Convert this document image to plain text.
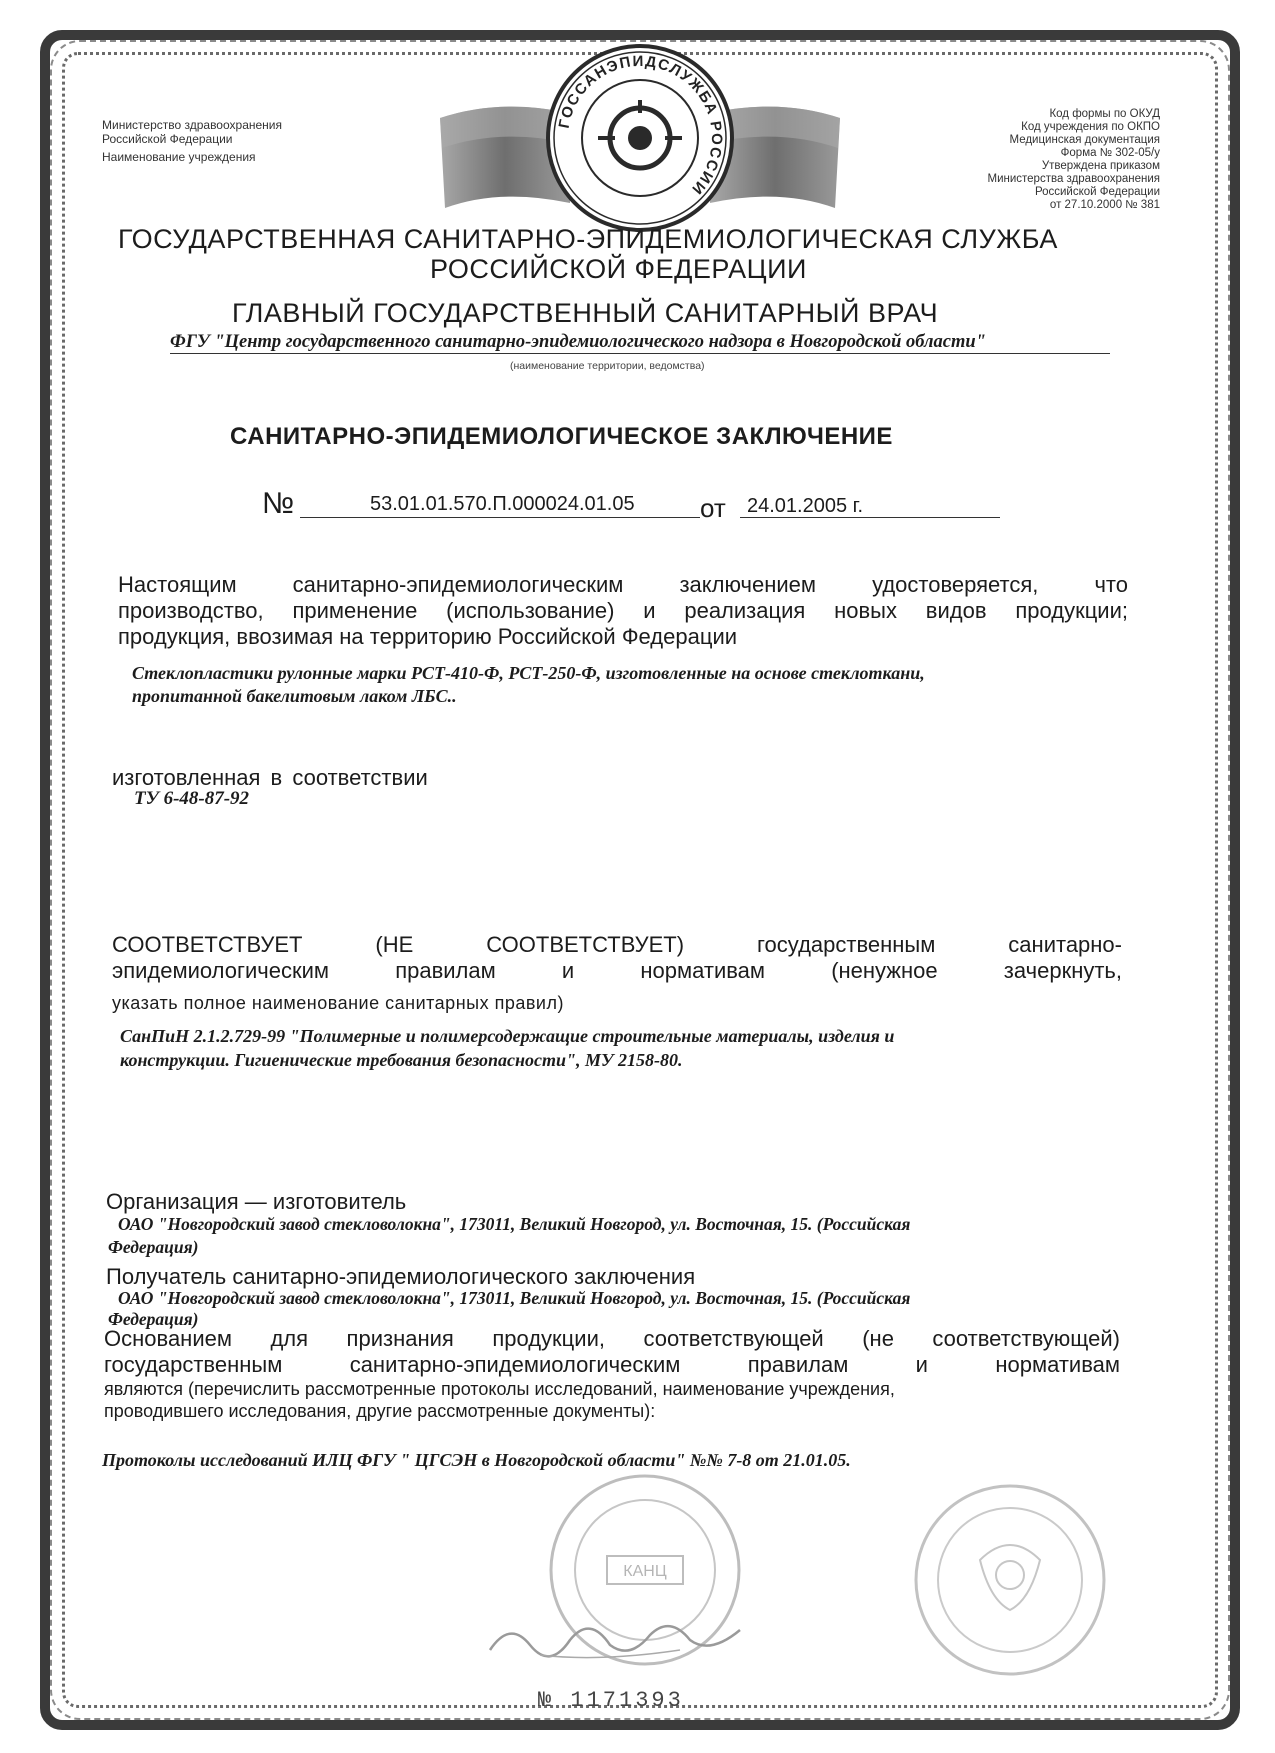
Министерство здравоохранения
Российской Федерации
Наименование учреждения
Код формы по ОКУД
Код учреждения по ОКПО
Медицинская документация
Форма № 302-05/у
Утверждена приказом
Министерства здравоохранения
Российской Федерации
от 27.10.2000 № 381
ГОССАНЭПИДСЛУЖБА РОССИИ
ГОСУДАРСТВЕННАЯ САНИТАРНО-ЭПИДЕМИОЛОГИЧЕСКАЯ СЛУЖБА
РОССИЙСКОЙ ФЕДЕРАЦИИ
ГЛАВНЫЙ ГОСУДАРСТВЕННЫЙ САНИТАРНЫЙ ВРАЧ
ФГУ "Центр государственного санитарно-эпидемиологического надзора в Новгородской области"
(наименование территории, ведомства)
САНИТАРНО-ЭПИДЕМИОЛОГИЧЕСКОЕ ЗАКЛЮЧЕНИЕ
№	53.01.01.570.П.000024.01.05	от 24.01.2005 г.
Настоящим санитарно-эпидемиологическим заключением удостоверяется, что
производство, применение (использование) и реализация новых видов продукции;
продукция, ввозимая на территорию Российской Федерации
Стеклопластики рулонные марки РСТ-410-Ф, РСТ-250-Ф, изготовленные на основе стеклоткани,
пропитанной бакелитовым лаком ЛБС..
изготовленная в соответствии
ТУ 6-48-87-92
СООТВЕТСТВУЕТ (НЕ СООТВЕТСТВУЕТ) государственным санитарно-
эпидемиологическим правилам и нормативам (ненужное зачеркнуть,
указать полное наименование санитарных правил)
СанПиН 2.1.2.729-99 "Полимерные и полимерсодержащие строительные материалы, изделия и
конструкции. Гигиенические требования безопасности", МУ 2158-80.
Организация — изготовитель
ОАО "Новгородский завод стекловолокна", 173011, Великий Новгород, ул. Восточная, 15. (Российская
Федерация)
Получатель санитарно-эпидемиологического заключения
ОАО "Новгородский завод стекловолокна", 173011, Великий Новгород, ул. Восточная, 15. (Российская
Федерация)
Основанием для признания продукции, соответствующей (не соответствующей)
государственным санитарно-эпидемиологическим правилам и нормативам
являются (перечислить рассмотренные протоколы исследований, наименование учреждения,
проводившего исследования, другие рассмотренные документы):
Протоколы исследований ИЛЦ ФГУ " ЦГСЭН в Новгородской области" №№ 7-8 от 21.01.05.
КАНЦ
№ 1171393
